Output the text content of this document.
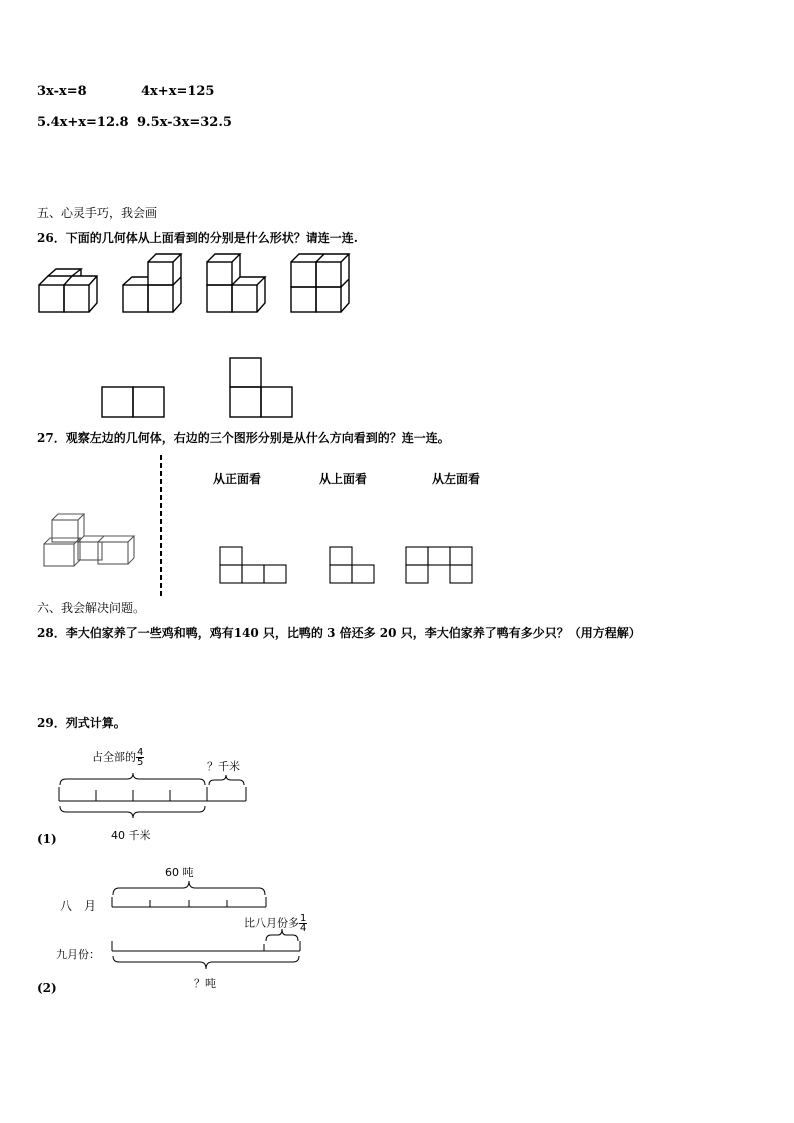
3x-x=8	4x+x=125
5.4x+x=12.8 9.5x-3x=32.5
五、心灵手巧，我会画
26．下面的几何体从上面看到的分别是什么形状？请连一连.
27．观察左边的几何体，右边的三个图形分别是从什么方向看到的？连一连。
从正面看	从上面看	从左面看
六、我会解决问题。
28．李大伯家养了一些鸡和鸭，鸡有140 只，比鸭的 3 倍还多 20 只，李大伯家养了鸭有多少只？（用方程解）
29．列式计算。
占全部的 $\frac{4}{5}$	？千米
40 千米
(1)
60 吨
八　月
比八月份多 $\frac{1}{4}$
九月份：
？吨
(2)
